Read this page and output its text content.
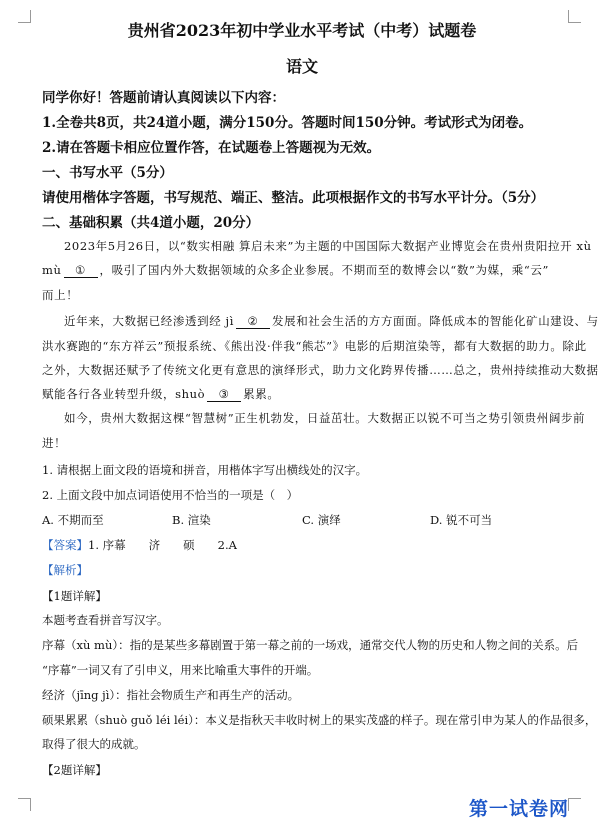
贵州省2023年初中学业水平考试（中考）试题卷
语文
同学你好！答题前请认真阅读以下内容：
1.全卷共8页，共24道小题，满分150分。答题时间150分钟。考试形式为闭卷。
2.请在答题卡相应位置作答，在试题卷上答题视为无效。
一、书写水平（5分）
请使用楷体字答题，书写规范、端正、整洁。此项根据作文的书写水平计分。（5分）
二、基础积累（共4道小题，20分）
2023年5月26日，以“数实相融 算启未来”为主题的中国国际大数据产业博览会在贵州贵阳拉开 xù
mù ① ，吸引了国内外大数据领域的众多企业参展。不期而至的数博会以“数”为媒，乘“云”
而上！
近年来，大数据已经渗透到经 jì ② 发展和社会生活的方方面面。降低成本的智能化矿山建设、与
洪水赛跑的“东方祥云”预报系统、《熊出没·伴我“熊芯”》电影的后期渲染等，都有大数据的助力。除此
之外，大数据还赋予了传统文化更有意思的演绎形式，助力文化跨界传播……总之，贵州持续推动大数据
赋能各行各业转型升级，shuò ③ 累累。
如今，贵州大数据这棵“智慧树”正生机勃发，日益茁壮。大数据正以锐不可当之势引领贵州阔步前
进！
1. 请根据上面文段的语境和拼音，用楷体字写出横线处的汉字。
2. 上面文段中加点词语使用不恰当的一项是（　）
A. 不期而至	B. 渲染	C. 演绎	D. 锐不可当
【答案】1. 序幕　　济　　硕　　2.A
【解析】
【1题详解】
本题考查看拼音写汉字。
序幕（xù mù）：指的是某些多幕剧置于第一幕之前的一场戏，通常交代人物的历史和人物之间的关系。后
“序幕”一词又有了引申义，用来比喻重大事件的开端。
经济（jīng jì）：指社会物质生产和再生产的活动。
硕果累累（shuò guǒ léi léi）：本义是指秋天丰收时树上的果实茂盛的样子。现在常引申为某人的作品很多，
取得了很大的成就。
【2题详解】
第一试卷网
